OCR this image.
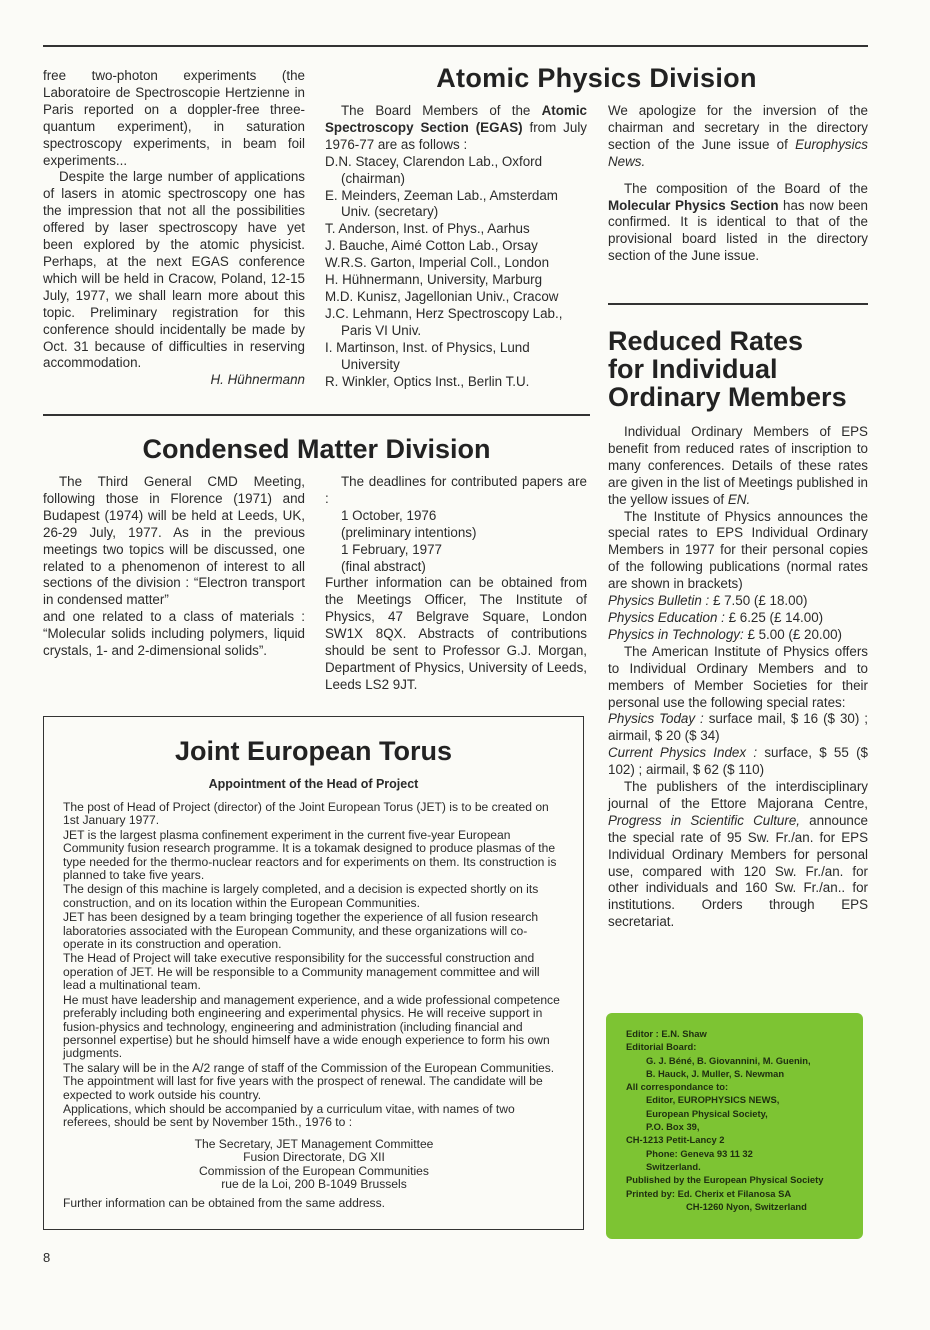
free two-photon experiments (the Laboratoire de Spectroscopie Hertzienne in Paris reported on a doppler-free three-quantum experiment), in saturation spectroscopy experiments, in beam foil experiments...

Despite the large number of applications of lasers in atomic spectroscopy one has the impression that not all the possibilities offered by laser spectroscopy have yet been explored by the atomic physicist. Perhaps, at the next EGAS conference which will be held in Cracow, Poland, 12-15 July, 1977, we shall learn more about this topic. Preliminary registration for this conference should incidentally be made by Oct. 31 because of difficulties in reserving accommodation.

H. Hühnermann

Atomic Physics Division

The Board Members of the Atomic Spectroscopy Section (EGAS) from July 1976-77 are as follows :

D.N. Stacey, Clarendon Lab., Oxford (chairman)

E. Meinders, Zeeman Lab., Amsterdam Univ. (secretary)

T. Anderson, Inst. of Phys., Aarhus

J. Bauche, Aimé Cotton Lab., Orsay

W.R.S. Garton, Imperial Coll., London

H. Hühnermann, University, Marburg

M.D. Kunisz, Jagellonian Univ., Cracow

J.C. Lehmann, Herz Spectroscopy Lab., Paris VI Univ.

I. Martinson, Inst. of Physics, Lund University

R. Winkler, Optics Inst., Berlin T.U.

We apologize for the inversion of the chairman and secretary in the directory section of the June issue of Europhysics News.

The composition of the Board of the Molecular Physics Section has now been confirmed. It is identical to that of the provisional board listed in the directory section of the June issue.

Condensed Matter Division

The Third General CMD Meeting, following those in Florence (1971) and Budapest (1974) will be held at Leeds, UK, 26-29 July, 1977. As in the previous meetings two topics will be discussed, one related to a phenomenon of interest to all sections of the division : “Electron transport in condensed matter”

and one related to a class of materials : “Molecular solids including polymers, liquid crystals, 1- and 2-dimensional solids”.

The deadlines for contributed papers are :

1 October, 1976
(preliminary intentions)
1 February, 1977
(final abstract)

Further information can be obtained from the Meetings Officer, The Institute of Physics, 47 Belgrave Square, London SW1X 8QX. Abstracts of contributions should be sent to Professor G.J. Morgan, Department of Physics, University of Leeds, Leeds LS2 9JT.

Joint European Torus
Appointment of the Head of Project

The post of Head of Project (director) of the Joint European Torus (JET) is to be created on 1st January 1977.

JET is the largest plasma confinement experiment in the current five-year European Community fusion research programme. It is a tokamak designed to produce plasmas of the type needed for the thermo-nuclear reactors and for experiments on them. Its construction is planned to take five years.

The design of this machine is largely completed, and a decision is expected shortly on its construction, and on its location within the European Communities.

JET has been designed by a team bringing together the experience of all fusion research laboratories associated with the European Community, and these organizations will co-operate in its construction and operation.

The Head of Project will take executive responsibility for the successful construction and operation of JET. He will be responsible to a Community management committee and will lead a multinational team.

He must have leadership and management experience, and a wide professional competence preferably including both engineering and experimental physics. He will receive support in fusion-physics and technology, engineering and administration (including financial and personnel expertise) but he should himself have a wide enough experience to form his own judgments.

The salary will be in the A/2 range of staff of the Commission of the European Communities. The appointment will last for five years with the prospect of renewal. The candidate will be expected to work outside his country.

Applications, which should be accompanied by a curriculum vitae, with names of two referees, should be sent by November 15th., 1976 to :

The Secretary, JET Management Committee
Fusion Directorate, DG XII
Commission of the European Communities
rue de la Loi, 200 B-1049 Brussels

Further information can be obtained from the same address.

Reduced Rates
for Individual
Ordinary Members

Individual Ordinary Members of EPS benefit from reduced rates of inscription to many conferences. Details of these rates are given in the list of Meetings published in the yellow issues of EN.

The Institute of Physics announces the special rates to EPS Individual Ordinary Members in 1977 for their personal copies of the following publications (normal rates are shown in brackets)

Physics Bulletin : £ 7.50 (£ 18.00)

Physics Education : £ 6.25 (£ 14.00)

Physics in Technology: £ 5.00 (£ 20.00)

The American Institute of Physics offers to Individual Ordinary Members and to members of Member Societies for their personal use the following special rates:

Physics Today : surface mail, $ 16 ($ 30) ; airmail, $ 20 ($ 34)

Current Physics Index : surface, $ 55 ($ 102) ; airmail, $ 62 ($ 110)

The publishers of the interdisciplinary journal of the Ettore Majorana Centre, Progress in Scientific Culture, announce the special rate of 95 Sw. Fr./an. for EPS Individual Ordinary Members for personal use, compared with 120 Sw. Fr./an. for other individuals and 160 Sw. Fr./an.. for institutions. Orders through EPS secretariat.

Editor : E.N. Shaw
Editorial Board:
G. J. Béné, B. Giovannini, M. Guenin,
B. Hauck, J. Muller, S. Newman
All correspondance to:
Editor, EUROPHYSICS NEWS,
European Physical Society,
P.O. Box 39,
CH-1213 Petit-Lancy 2
Phone: Geneva 93 11 32
Switzerland.
Published by the European Physical Society
Printed by: Ed. Cherix et Filanosa SA
CH-1260 Nyon, Switzerland
8
